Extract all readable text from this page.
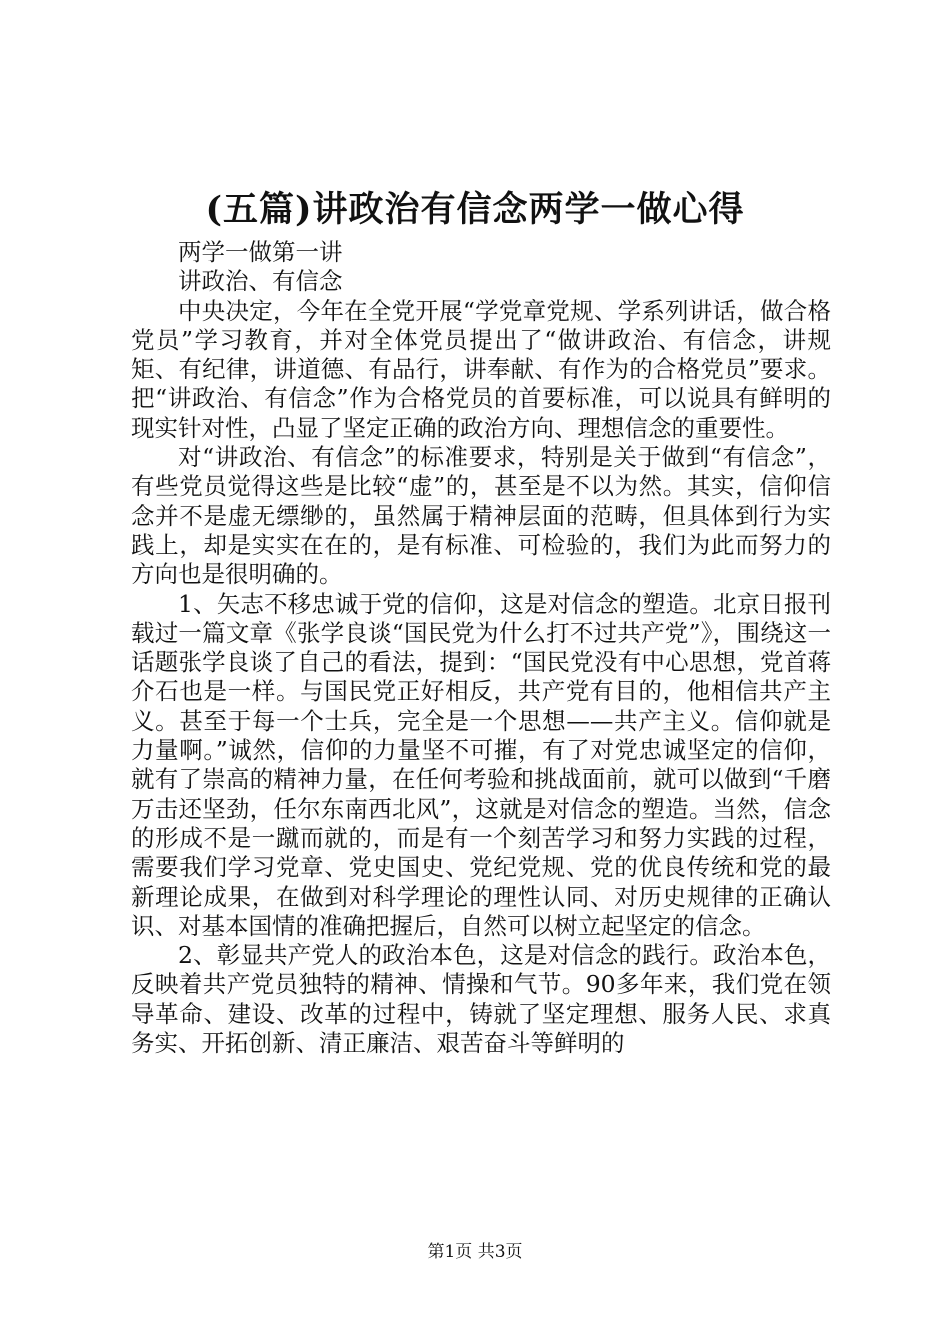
(五篇)讲政治有信念两学一做心得

两学一做第一讲

讲政治、有信念

中央决定，今年在全党开展“学党章党规、学系列讲话，做合格党员”学习教育，并对全体党员提出了“做讲政治、有信念，讲规矩、有纪律，讲道德、有品行，讲奉献、有作为的合格党员”要求。把“讲政治、有信念”作为合格党员的首要标准，可以说具有鲜明的现实针对性，凸显了坚定正确的政治方向、理想信念的重要性。

对“讲政治、有信念”的标准要求，特别是关于做到“有信念”，有些党员觉得这些是比较“虚”的，甚至是不以为然。其实，信仰信念并不是虚无缥缈的，虽然属于精神层面的范畴，但具体到行为实践上，却是实实在在的，是有标准、可检验的，我们为此而努力的方向也是很明确的。

1、矢志不移忠诚于党的信仰，这是对信念的塑造。北京日报刊载过一篇文章《张学良谈“国民党为什么打不过共产党”》，围绕这一话题张学良谈了自己的看法，提到：“国民党没有中心思想，党首蒋介石也是一样。与国民党正好相反，共产党有目的，他相信共产主义。甚至于每一个士兵，完全是一个思想——共产主义。信仰就是力量啊。”诚然，信仰的力量坚不可摧，有了对党忠诚坚定的信仰，就有了崇高的精神力量，在任何考验和挑战面前，就可以做到“千磨万击还坚劲，任尔东南西北风”，这就是对信念的塑造。当然，信念的形成不是一蹴而就的，而是有一个刻苦学习和努力实践的过程，需要我们学习党章、党史国史、党纪党规、党的优良传统和党的最新理论成果，在做到对科学理论的理性认同、对历史规律的正确认识、对基本国情的准确把握后，自然可以树立起坚定的信念。

2、彰显共产党人的政治本色，这是对信念的践行。政治本色，反映着共产党员独特的精神、情操和气节。90多年来，我们党在领导革命、建设、改革的过程中，铸就了坚定理想、服务人民、求真务实、开拓创新、清正廉洁、艰苦奋斗等鲜明的

第1页 共3页
